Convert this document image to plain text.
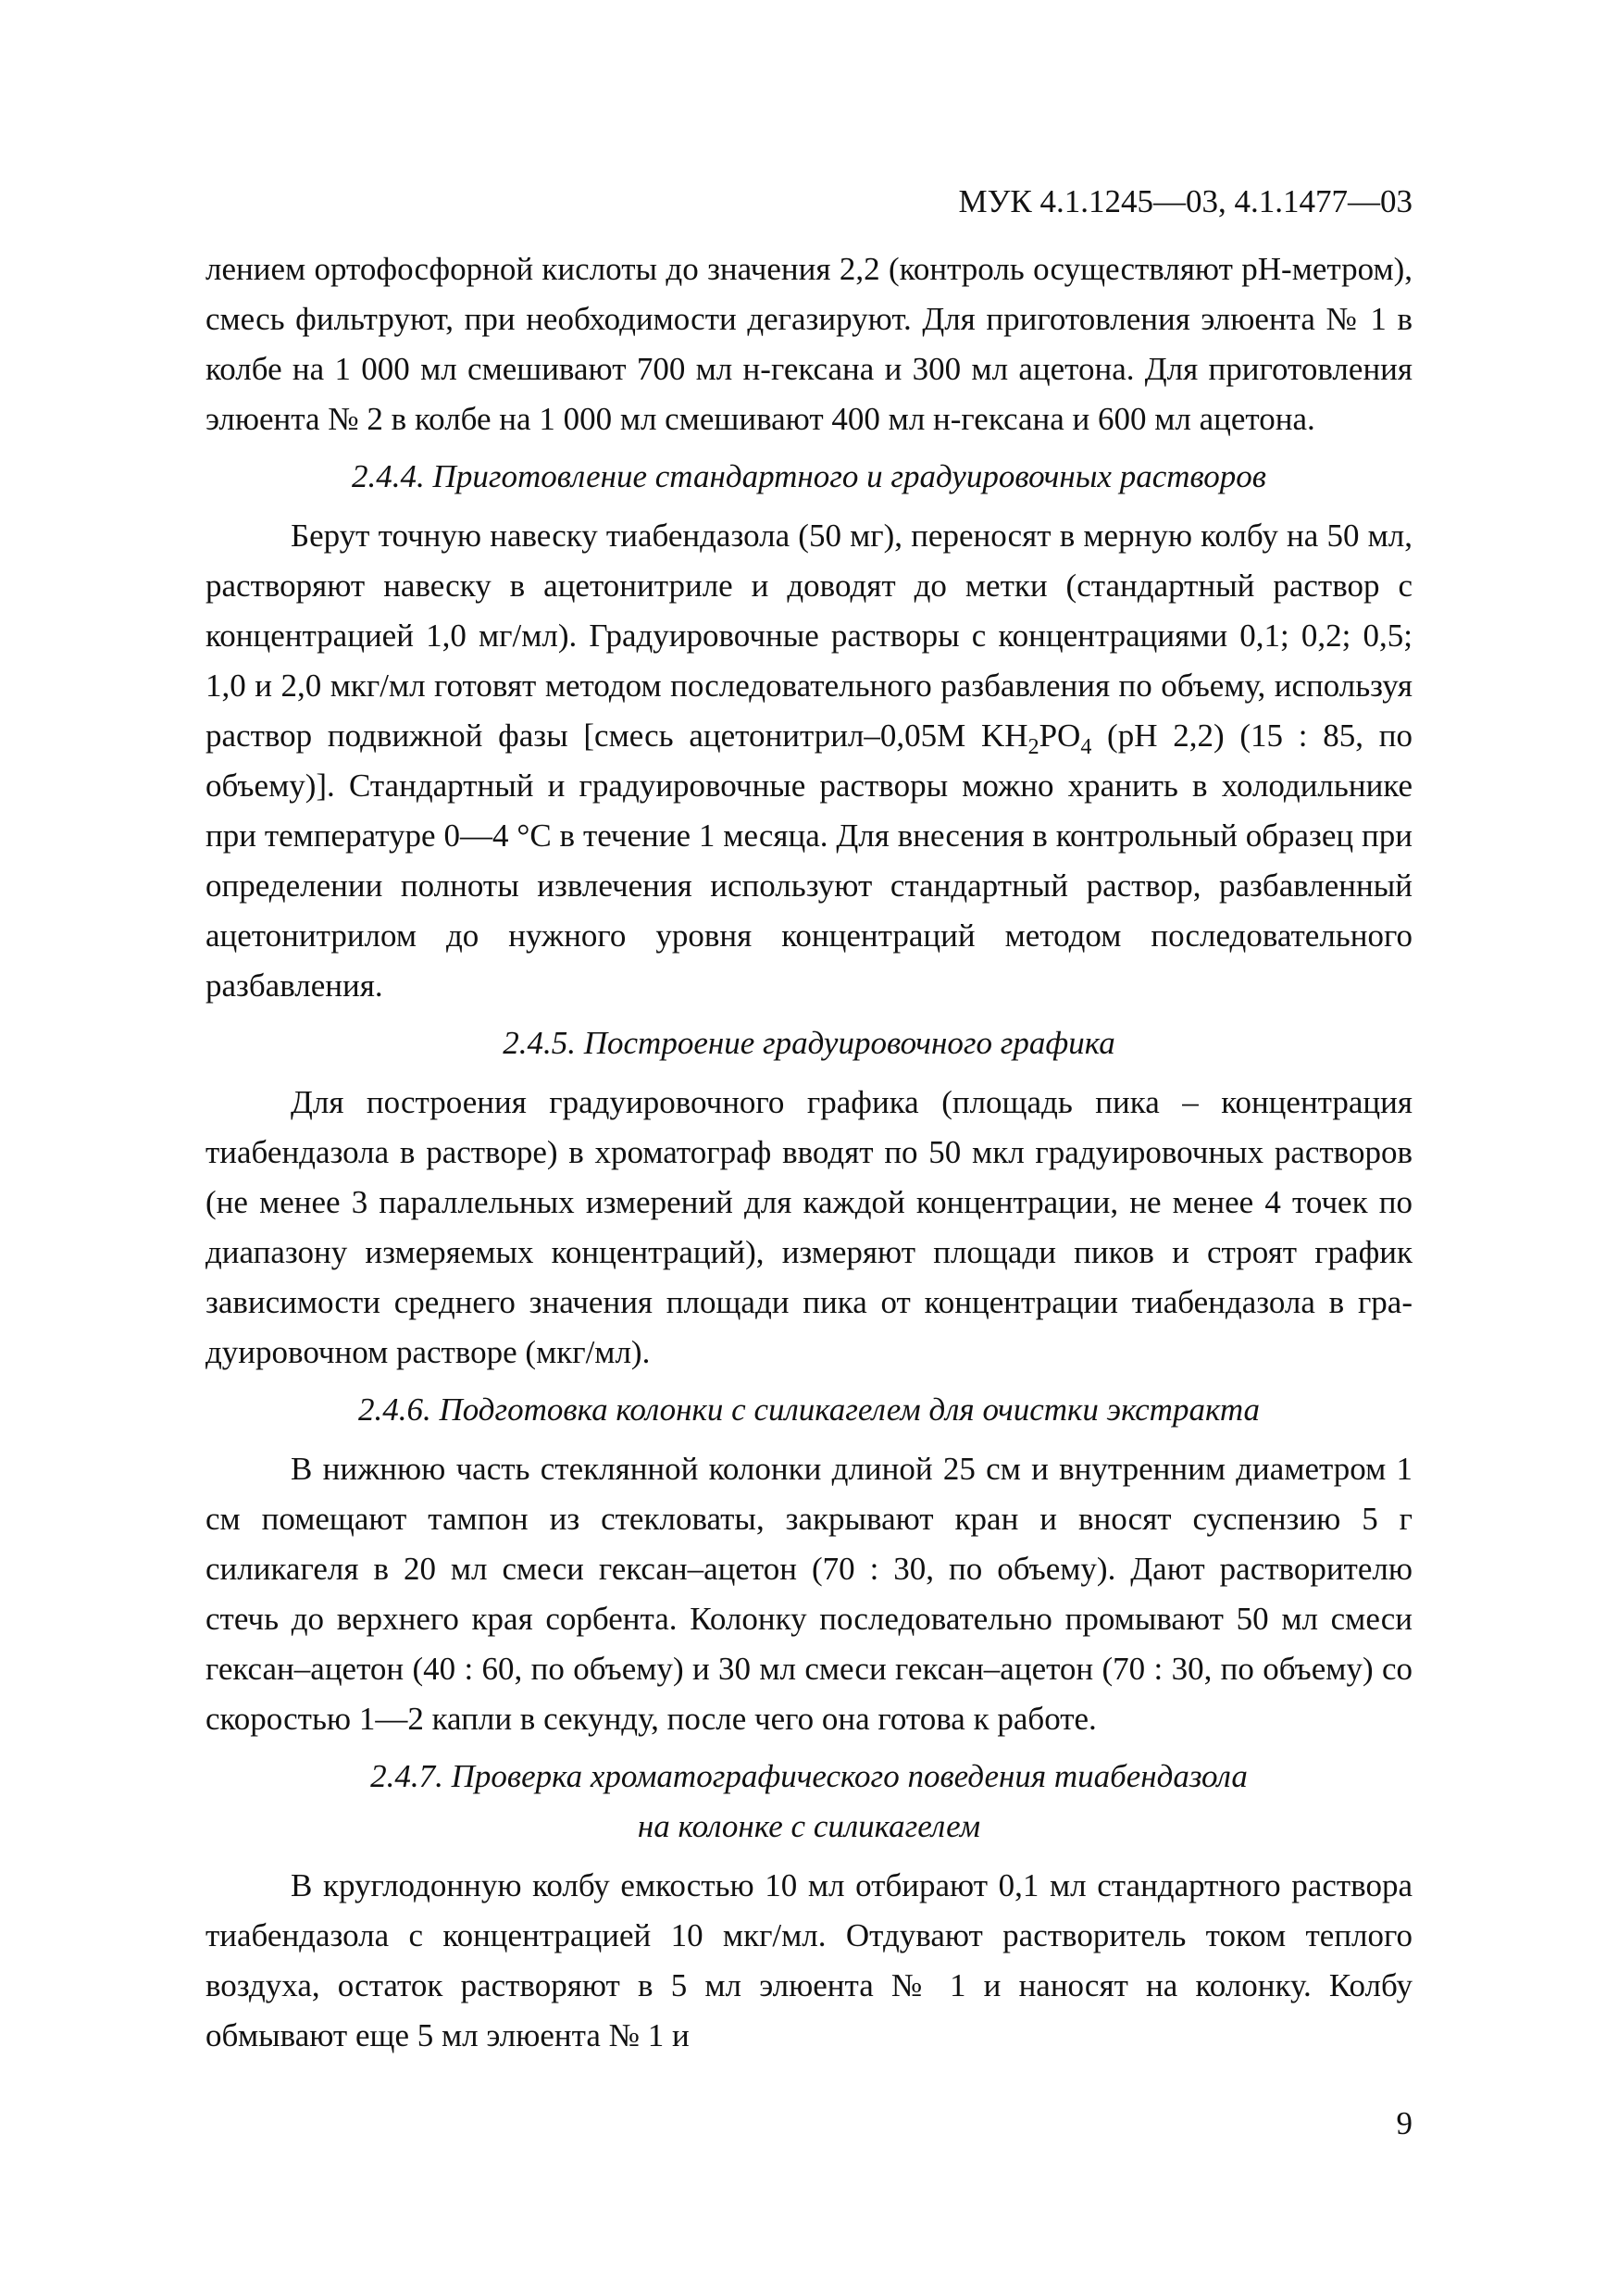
МУК 4.1.1245—03, 4.1.1477—03

лением ортофосфорной кислоты до значения 2,2 (контроль осуществляют pH-метром), смесь фильтруют, при необходимости дегазируют. Для приготовления элюента № 1 в колбе на 1 000 мл смешивают 700 мл н-гексана и 300 мл ацетона. Для приготовления элюента № 2 в колбе на 1 000 мл смешивают 400 мл н-гексана и 600 мл ацетона.

2.4.4. Приготовление стандартного и градуировочных растворов

Берут точную навеску тиабендазола (50 мг), переносят в мерную колбу на 50 мл, растворяют навеску в ацетонитриле и доводят до метки (стандартный раствор с концентрацией 1,0 мг/мл). Градуировочные растворы с концентрациями 0,1; 0,2; 0,5; 1,0 и 2,0 мкг/мл готовят методом последовательного разбавления по объему, используя раствор подвижной фазы [смесь ацетонитрил–0,05M $KH_2PO_4$ (pH 2,2) (15 : 85, по объему)]. Стандартный и градуировочные растворы можно хранить в холодильнике при температуре 0—4 °С в течение 1 месяца. Для внесения в контрольный образец при определении полноты извлечения используют стандартный раствор, разбавленный ацетонитрилом до нужного уровня концентраций методом последовательного разбавления.

2.4.5. Построение градуировочного графика

Для построения градуировочного графика (площадь пика – концентрация тиабендазола в растворе) в хроматограф вводят по 50 мкл градуировочных растворов (не менее 3 параллельных измерений для каждой концентрации, не менее 4 точек по диапазону измеряемых концентраций), измеряют площади пиков и строят график зависимости среднего значения площади пика от концентрации тиабендазола в градуировочном растворе (мкг/мл).

2.4.6. Подготовка колонки с силикагелем для очистки экстракта

В нижнюю часть стеклянной колонки длиной 25 см и внутренним диаметром 1 см помещают тампон из стекловаты, закрывают кран и вносят суспензию 5 г силикагеля в 20 мл смеси гексан–ацетон (70 : 30, по объему). Дают растворителю стечь до верхнего края сорбента. Колонку последовательно промывают 50 мл смеси гексан–ацетон (40 : 60, по объему) и 30 мл смеси гексан–ацетон (70 : 30, по объему) со скоростью 1—2 капли в секунду, после чего она готова к работе.

2.4.7. Проверка хроматографического поведения тиабендазола
на колонке с силикагелем

В круглодонную колбу емкостью 10 мл отбирают 0,1 мл стандартного раствора тиабендазола с концентрацией 10 мкг/мл. Отдувают растворитель током теплого воздуха, остаток растворяют в 5 мл элюента № 1 и наносят на колонку. Колбу обмывают еще 5 мл элюента № 1 и

9
